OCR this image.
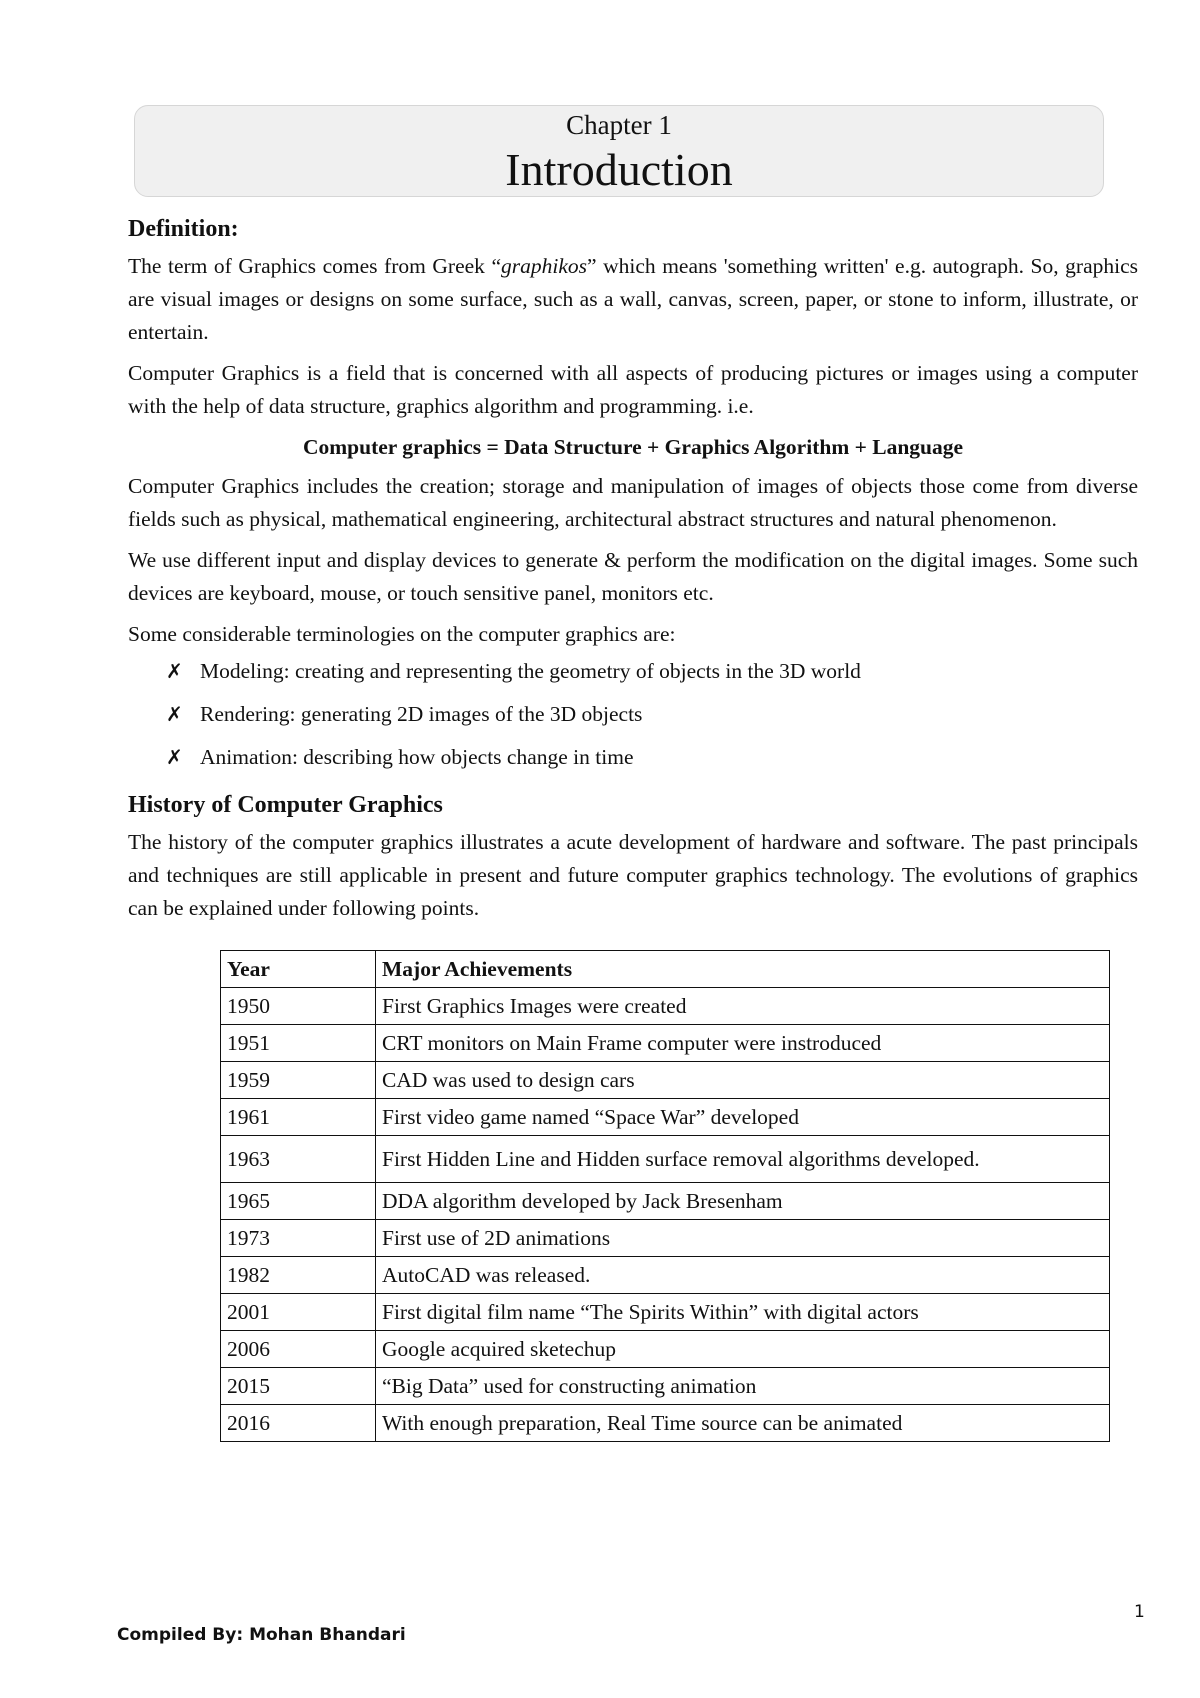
Chapter 1
Introduction
Definition:

The term of Graphics comes from Greek “graphikos” which means 'something written' e.g. autograph. So, graphics are visual images or designs on some surface, such as a wall, canvas, screen, paper, or stone to inform, illustrate, or entertain.

Computer Graphics is a field that is concerned with all aspects of producing pictures or images using a computer with the help of data structure, graphics algorithm and programming. i.e.

Computer graphics = Data Structure + Graphics Algorithm + Language

Computer Graphics includes the creation; storage and manipulation of images of objects those come from diverse fields such as physical, mathematical engineering, architectural abstract structures and natural phenomenon.

We use different input and display devices to generate & perform the modification on the digital images. Some such devices are keyboard, mouse, or touch sensitive panel, monitors etc.

Some considerable terminologies on the computer graphics are:

✗ Modeling: creating and representing the geometry of objects in the 3D world
✗ Rendering: generating 2D images of the 3D objects
✗ Animation: describing how objects change in time
History of Computer Graphics

The history of the computer graphics illustrates a acute development of hardware and software. The past principals and techniques are still applicable in present and future computer graphics technology. The evolutions of graphics can be explained under following points.

Year	Major Achievements
1950	First Graphics Images were created
1951	CRT monitors on Main Frame computer were instroduced
1959	CAD was used to design cars
1961	First video game named “Space War” developed
1963	First Hidden Line and Hidden surface removal algorithms developed.
1965	DDA algorithm developed by Jack Bresenham
1973	First use of 2D animations
1982	AutoCAD was released.
2001	First digital film name “The Spirits Within” with digital actors
2006	Google acquired sketechup
2015	“Big Data” used for constructing animation
2016	With enough preparation, Real Time source can be animated
1
Compiled By: Mohan Bhandari
